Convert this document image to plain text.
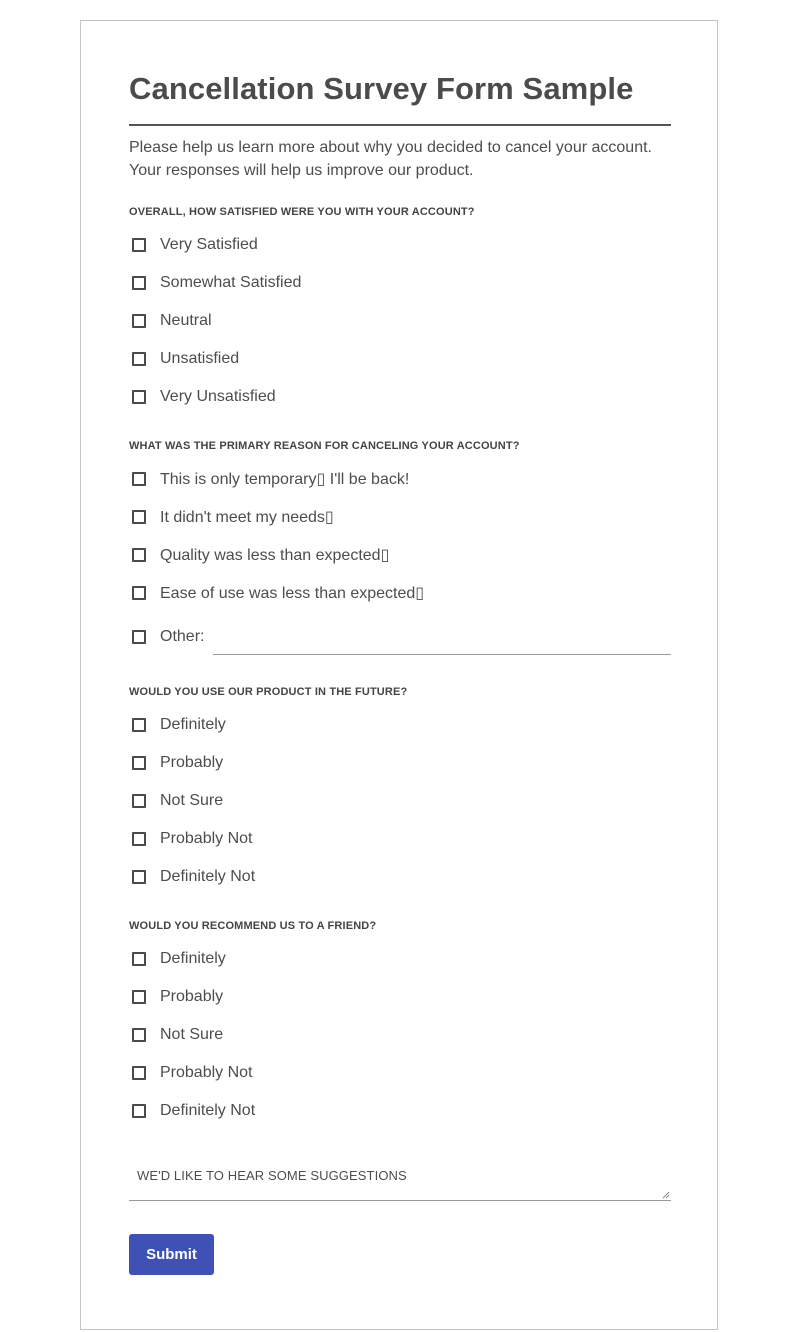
Cancellation Survey Form Sample
Please help us learn more about why you decided to cancel your account.
Your responses will help us improve our product.
OVERALL, HOW SATISFIED WERE YOU WITH YOUR ACCOUNT?
Very Satisfied
Somewhat Satisfied
Neutral
Unsatisfied
Very Unsatisfied
WHAT WAS THE PRIMARY REASON FOR CANCELING YOUR ACCOUNT?
This is only temporary▯ I'll be back!
It didn't meet my needs▯
Quality was less than expected▯
Ease of use was less than expected▯
Other:
WOULD YOU USE OUR PRODUCT IN THE FUTURE?
Definitely
Probably
Not Sure
Probably Not
Definitely Not
WOULD YOU RECOMMEND US TO A FRIEND?
Definitely
Probably
Not Sure
Probably Not
Definitely Not
WE'D LIKE TO HEAR SOME SUGGESTIONS
Submit
